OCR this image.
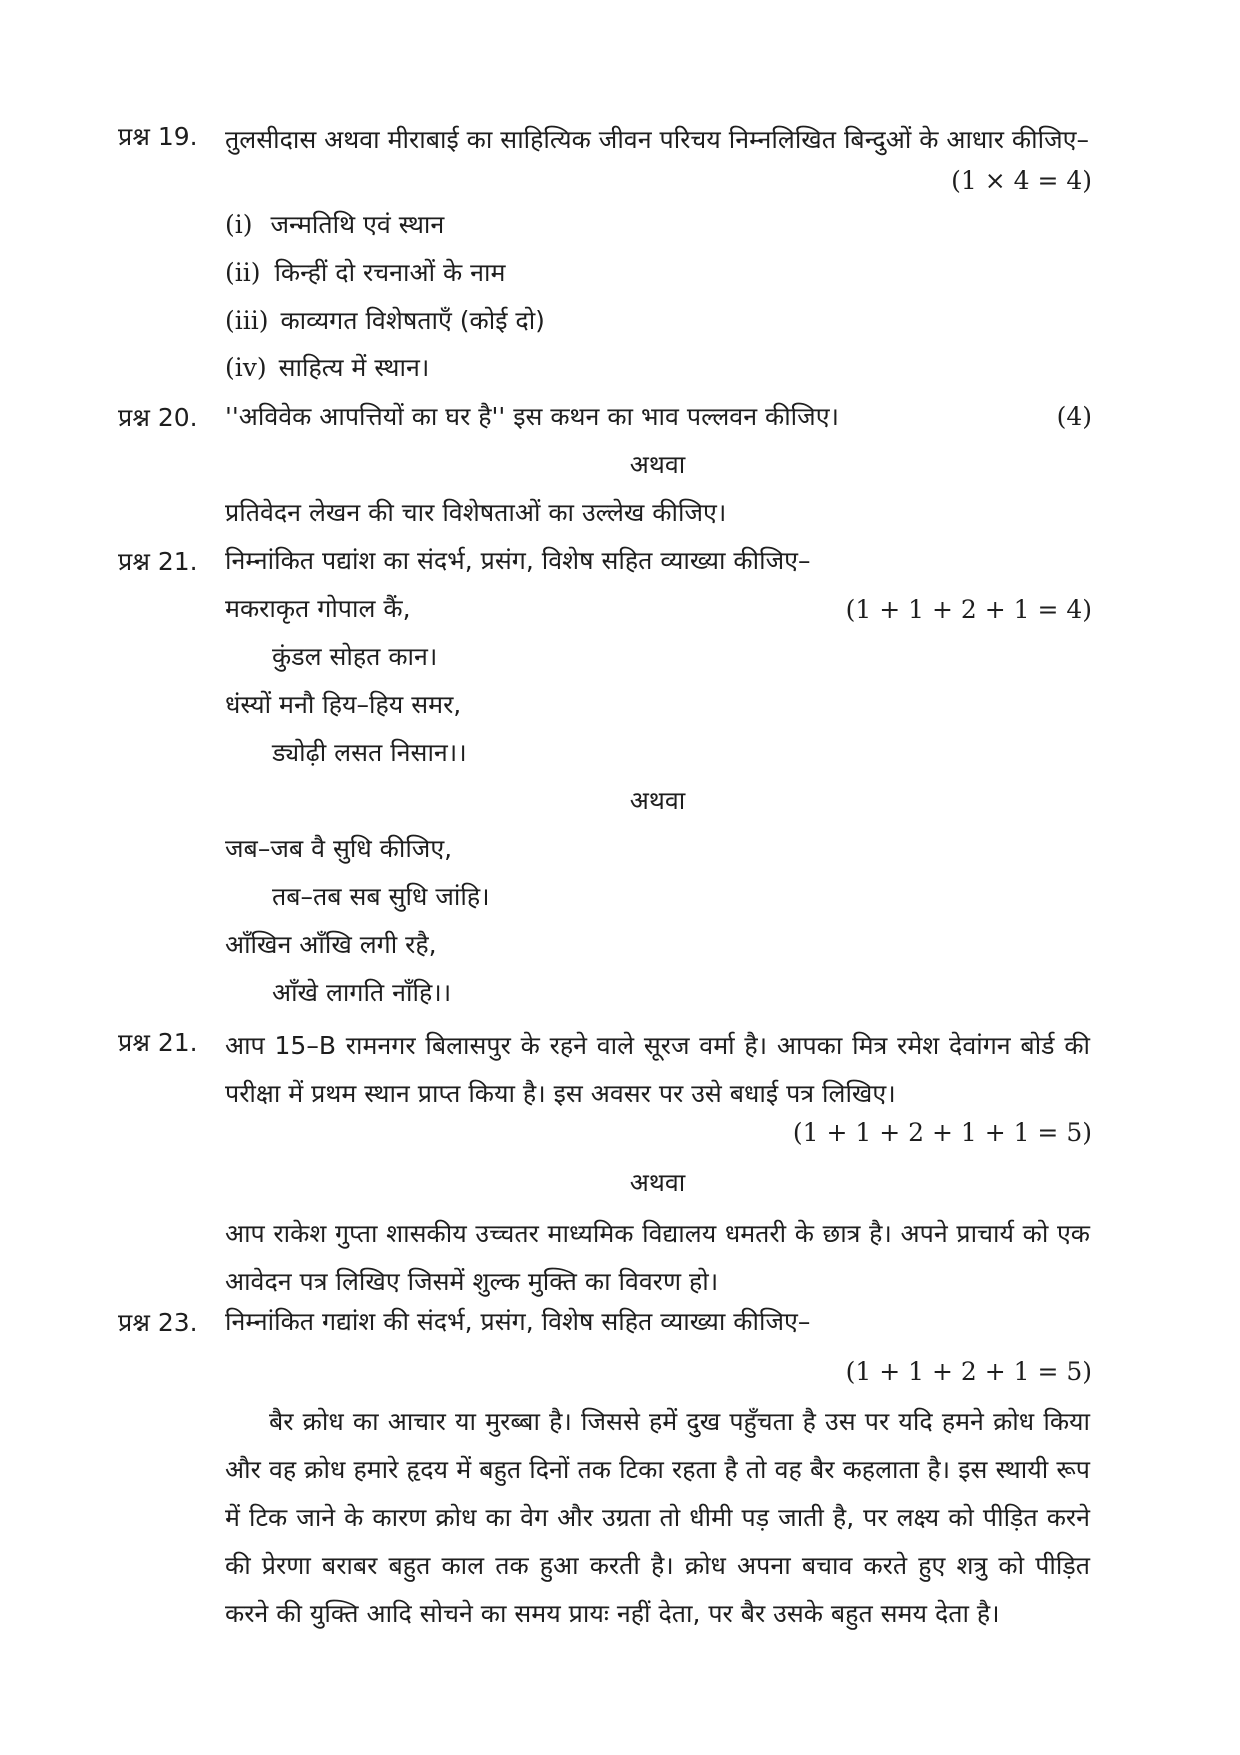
प्रश्न 19. तुलसीदास अथवा मीराबाई का साहित्यिक जीवन परिचय निम्नलिखित बिन्दुओं के आधार कीजिए–
(1 × 4 = 4)
(i) जन्मतिथि एवं स्थान
(ii) किन्हीं दो रचनाओं के नाम
(iii) काव्यगत विशेषताएँ (कोई दो)
(iv) साहित्य में स्थान।
प्रश्न 20. ''अविवेक आपत्तियों का घर है'' इस कथन का भाव पल्लवन कीजिए।	(4)
अथवा
प्रतिवेदन लेखन की चार विशेषताओं का उल्लेख कीजिए।
प्रश्न 21. निम्नांकित पद्यांश का संदर्भ, प्रसंग, विशेष सहित व्याख्या कीजिए–
(1 + 1 + 2 + 1 = 4)
मकराकृत गोपाल कैं,
कुंडल सोहत कान।
धंस्यों मनौ हिय–हिय समर,
ड्योढ़ी लसत निसान।।
अथवा
जब–जब वै सुधि कीजिए,
तब–तब सब सुधि जांहि।
आँखिन आँखि लगी रहै,
आँखे लागति नाँहि।।
प्रश्न 21. आप 15–B रामनगर बिलासपुर के रहने वाले सूरज वर्मा है। आपका मित्र रमेश देवांगन बोर्ड की परीक्षा में प्रथम स्थान प्राप्त किया है। इस अवसर पर उसे बधाई पत्र लिखिए।
(1 + 1 + 2 + 1 + 1 = 5)
अथवा
आप राकेश गुप्ता शासकीय उच्चतर माध्यमिक विद्यालय धमतरी के छात्र है। अपने प्राचार्य को एक आवेदन पत्र लिखिए जिसमें शुल्क मुक्ति का विवरण हो।
प्रश्न 23. निम्नांकित गद्यांश की संदर्भ, प्रसंग, विशेष सहित व्याख्या कीजिए–
(1 + 1 + 2 + 1 = 5)
बैर क्रोध का आचार या मुरब्बा है। जिससे हमें दुख पहुँचता है उस पर यदि हमने क्रोध किया और वह क्रोध हमारे हृदय में बहुत दिनों तक टिका रहता है तो वह बैर कहलाता है। इस स्थायी रूप में टिक जाने के कारण क्रोध का वेग और उग्रता तो धीमी पड़ जाती है, पर लक्ष्य को पीड़ित करने की प्रेरणा बराबर बहुत काल तक हुआ करती है। क्रोध अपना बचाव करते हुए शत्रु को पीड़ित करने की युक्ति आदि सोचने का समय प्रायः नहीं देता, पर बैर उसके बहुत समय देता है।
